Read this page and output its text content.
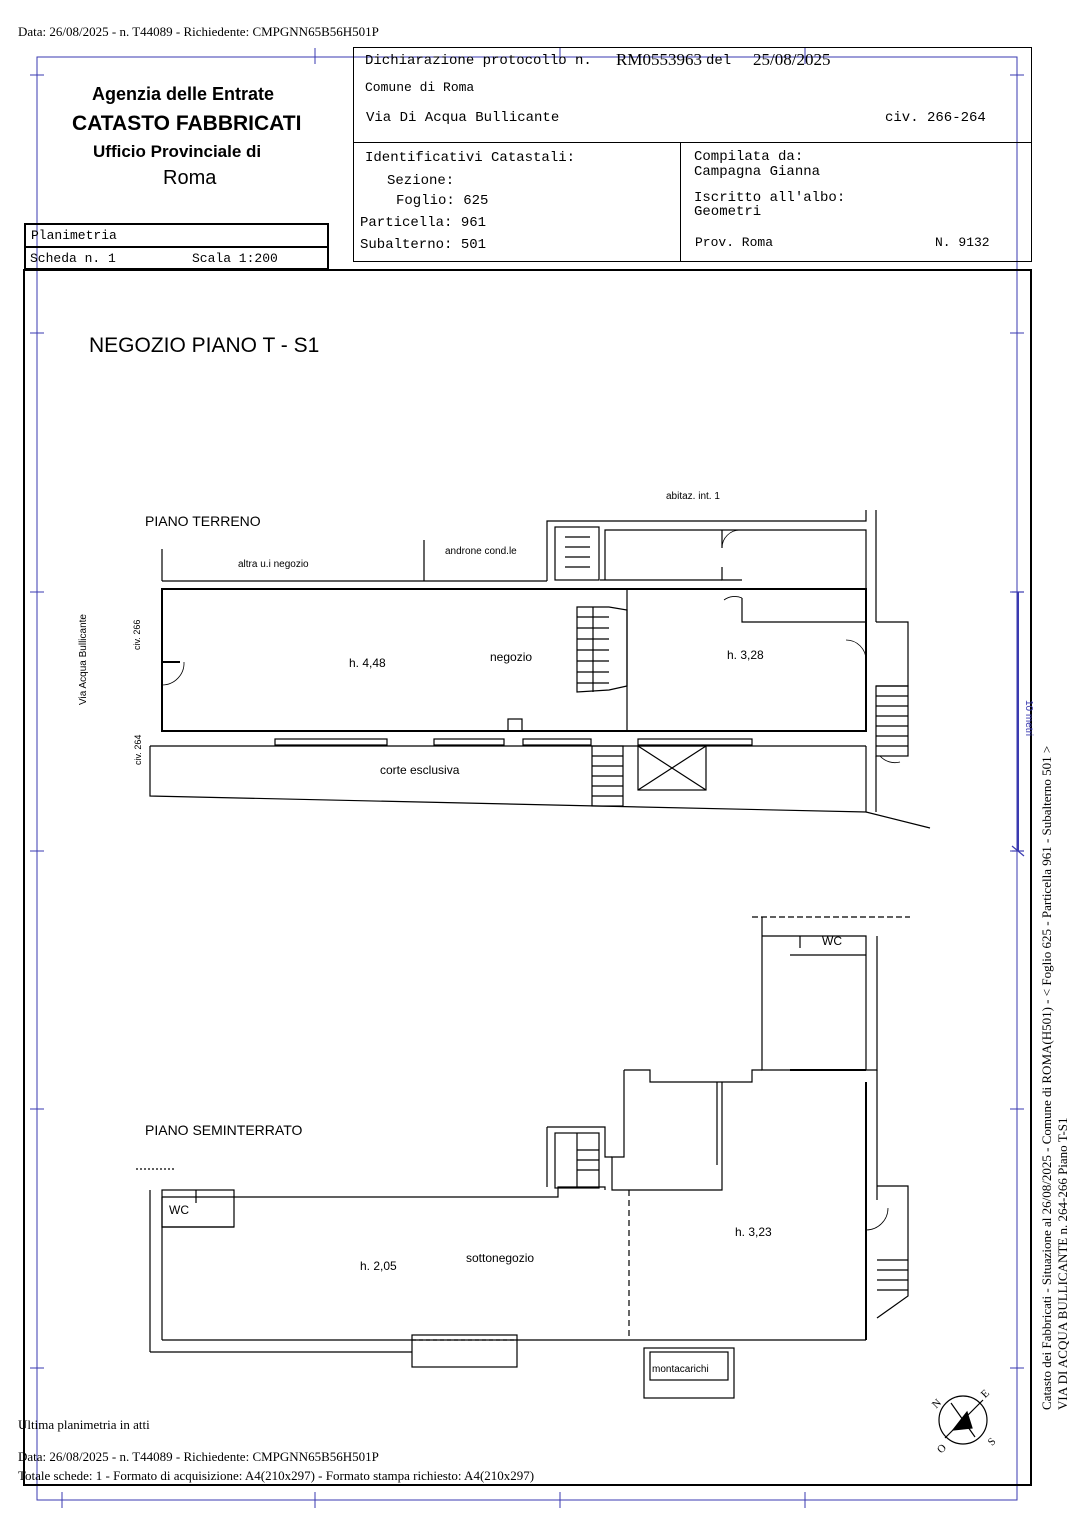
Data: 26/08/2025 - n. T44089 - Richiedente: CMPGNN65B56H501P
Agenzia delle Entrate
CATASTO FABBRICATI
Ufficio Provinciale di
Roma
Planimetria
Scheda n. 1	Scala 1:200
Dichiarazione protocollo n. RM0553963 del 25/08/2025
Comune di Roma
Via Di Acqua Bullicante	civ. 266-264
Identificativi Catastali:
Sezione:
Foglio: 625
Particella: 961
Subalterno: 501
Compilata da:
Campagna Gianna
Iscritto all'albo:
Geometri
Prov. Roma	N. 9132
NEGOZIO PIANO T - S1
PIANO TERRENO
abitaz. int. 1
altra u.i negozio
androne cond.le
negozio
h. 4,48
h. 3,28
corte esclusiva
civ. 266
civ. 264
Via Acqua Bullicante
10 metri
PIANO SEMINTERRATO
WC
WC
sottonegozio
h. 2,05
h. 3,23
montacarichi
N
E
S
O
Catasto dei Fabbricati - Situazione al 26/08/2025 - Comune di ROMA(H501) - < Foglio 625 - Particella 961 - Subalterno 501 > VIA DI ACQUA BULLICANTE n. 264-266 Piano T-S1
Ultima planimetria in atti
Data: 26/08/2025 - n. T44089 - Richiedente: CMPGNN65B56H501P
Totale schede: 1 - Formato di acquisizione: A4(210x297) - Formato stampa richiesto: A4(210x297)
